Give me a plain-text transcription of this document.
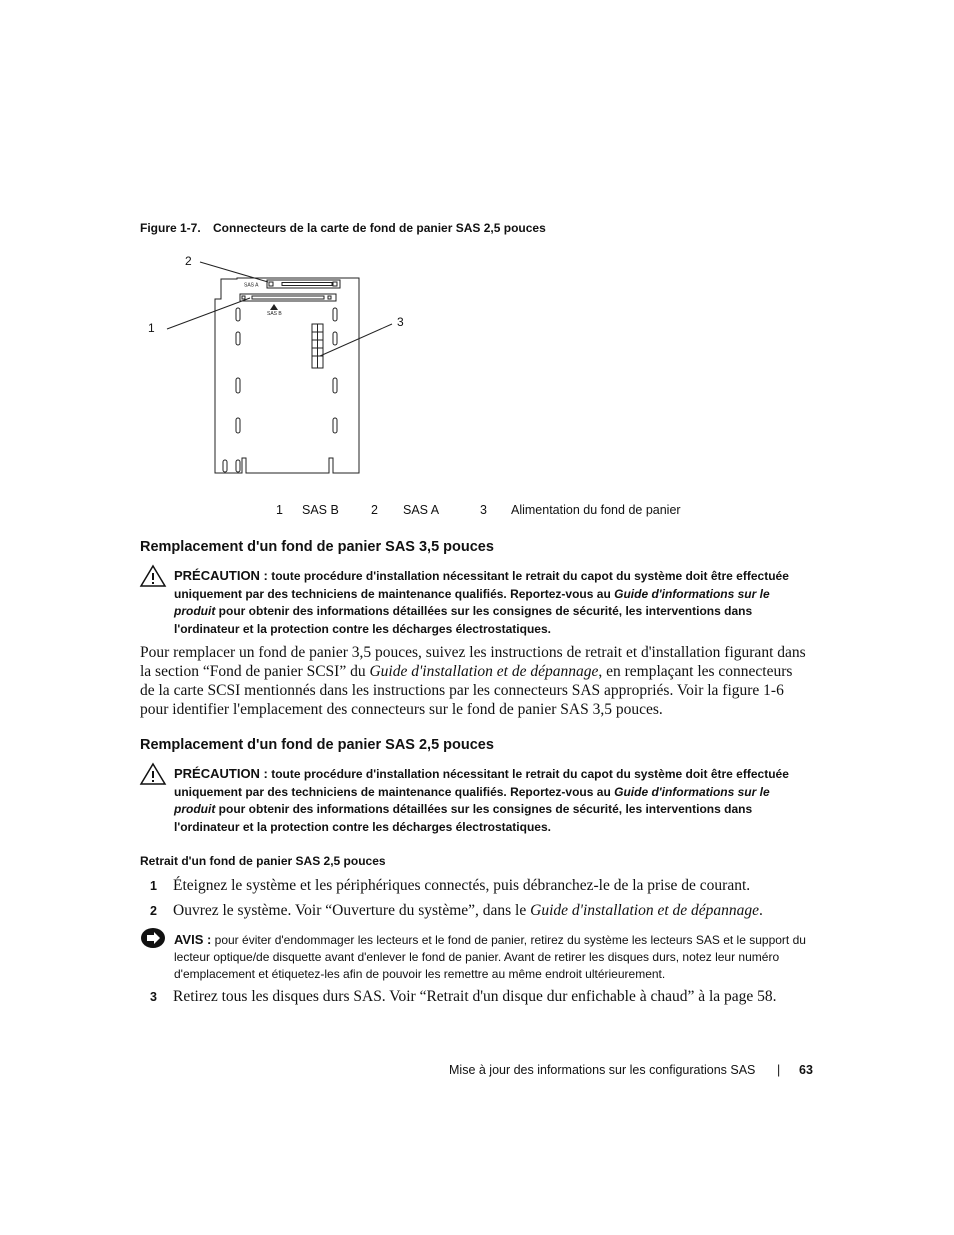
Figure 1-7. Connecteurs de la carte de fond de panier SAS 2,5 pouces
SAS A
SAS B
2
1	3
1 SAS B	2 SAS A	3 Alimentation du fond de panier
Remplacement d'un fond de panier SAS 3,5 pouces
PRÉCAUTION : toute procédure d'installation nécessitant le retrait du capot du système doit être effectuée uniquement par des techniciens de maintenance qualifiés. Reportez-vous au Guide d'informations sur le produit pour obtenir des informations détaillées sur les consignes de sécurité, les interventions dans l'ordinateur et la protection contre les décharges électrostatiques.
Pour remplacer un fond de panier 3,5 pouces, suivez les instructions de retrait et d'installation figurant dans la section “Fond de panier SCSI” du Guide d'installation et de dépannage, en remplaçant les connecteurs de la carte SCSI mentionnés dans les instructions par les connecteurs SAS appropriés. Voir la figure 1-6 pour identifier l'emplacement des connecteurs sur le fond de panier SAS 3,5 pouces.
Remplacement d'un fond de panier SAS 2,5 pouces
PRÉCAUTION : toute procédure d'installation nécessitant le retrait du capot du système doit être effectuée uniquement par des techniciens de maintenance qualifiés. Reportez-vous au Guide d'informations sur le produit pour obtenir des informations détaillées sur les consignes de sécurité, les interventions dans l'ordinateur et la protection contre les décharges électrostatiques.
Retrait d'un fond de panier SAS 2,5 pouces
1 Éteignez le système et les périphériques connectés, puis débranchez-le de la prise de courant.
2 Ouvrez le système. Voir “Ouverture du système”, dans le Guide d'installation et de dépannage.
AVIS : pour éviter d'endommager les lecteurs et le fond de panier, retirez du système les lecteurs SAS et le support du lecteur optique/de disquette avant d'enlever le fond de panier. Avant de retirer les disques durs, notez leur numéro d'emplacement et étiquetez-les afin de pouvoir les remettre au même endroit ultérieurement.
3 Retirez tous les disques durs SAS. Voir “Retrait d'un disque dur enfichable à chaud” à la page 58.
Mise à jour des informations sur les configurations SAS | 63
